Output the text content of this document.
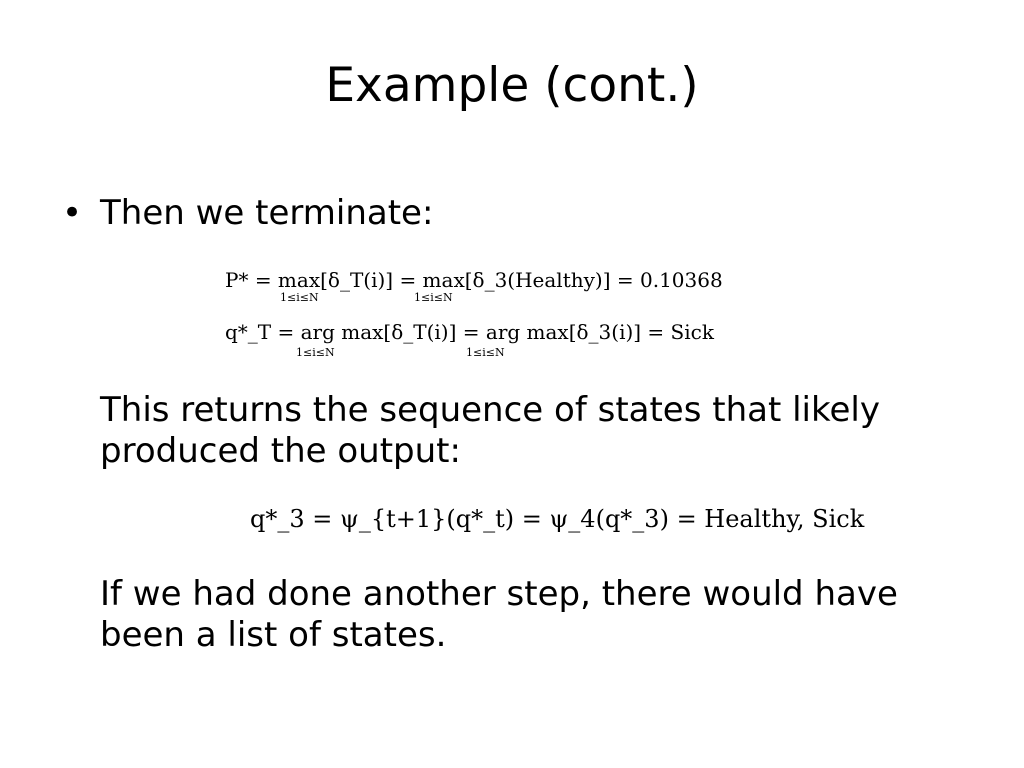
Example (cont.)
• Then we terminate:
P* = max[δ_T(i)] = max[δ_3(Healthy)] = 0.10368
1≤i≤N	1≤i≤N
q*_T = arg max[δ_T(i)] = arg max[δ_3(i)] = Sick
1≤i≤N	1≤i≤N
This returns the sequence of states that likely produced the output:
q*_3 = ψ_{t+1}(q*_t) = ψ_4(q*_3) = Healthy, Sick
If we had done another step, there would have been a list of states.
